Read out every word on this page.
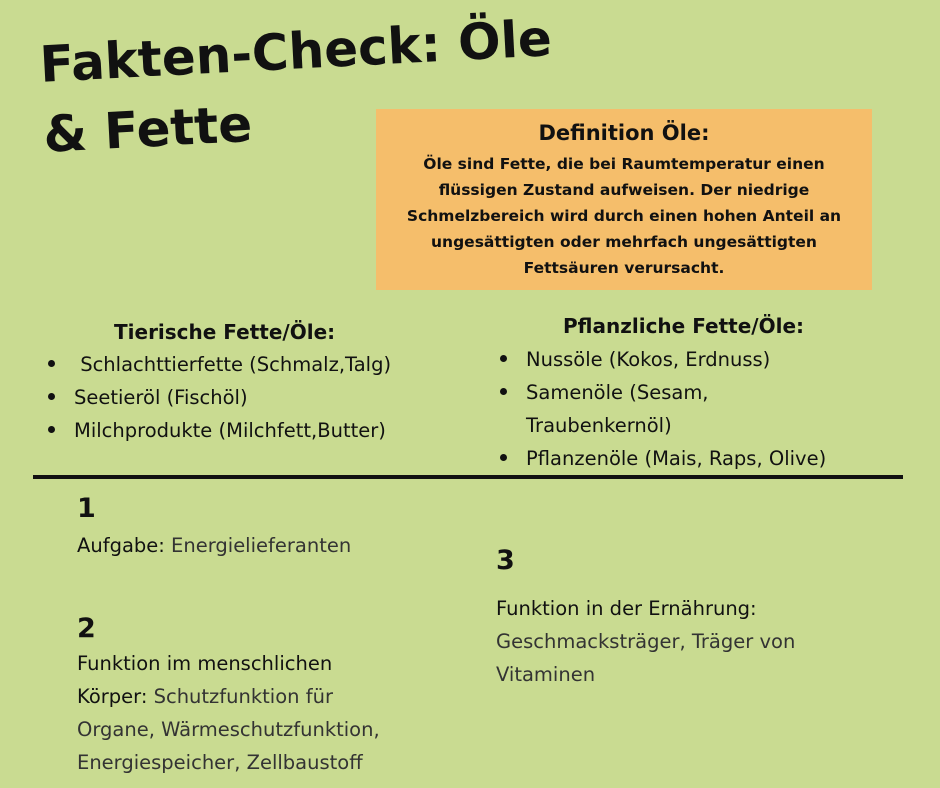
Fakten-Check: Öle
& Fette	Definition Öle:
Öle sind Fette, die bei Raumtemperatur einen
flüssigen Zustand aufweisen. Der niedrige
Schmelzbereich wird durch einen hohen Anteil an
ungesättigten oder mehrfach ungesättigten
Fettsäuren verursacht.
Tierische Fette/Öle:
Schlachttierfette (Schmalz,Talg)
Seetieröl (Fischöl)
Milchprodukte (Milchfett,Butter)
Pflanzliche Fette/Öle:
Nussöle (Kokos, Erdnuss)
Samenöle (Sesam,
Traubenkernöl)
Pflanzenöle (Mais, Raps, Olive)
1
Aufgabe: Energielieferanten
2
Funktion im menschlichen
Körper: Schutzfunktion für
Organe, Wärmeschutzfunktion,
Energiespeicher, Zellbaustoff
3
Funktion in der Ernährung:
Geschmacksträger, Träger von
Vitaminen
